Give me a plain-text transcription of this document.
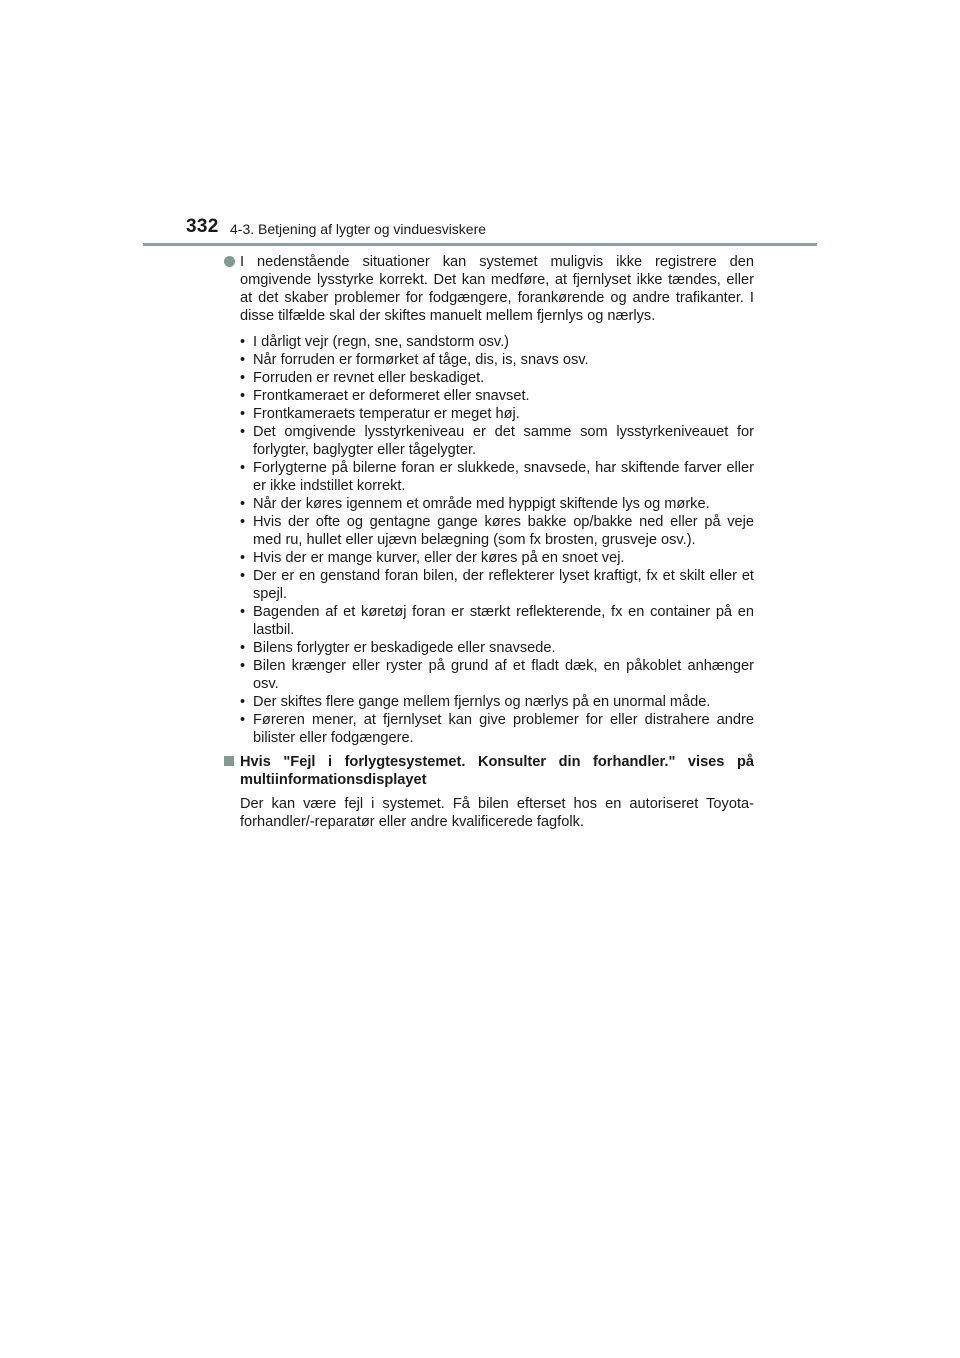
332 4-3. Betjening af lygter og vinduesviskere
I nedenstående situationer kan systemet muligvis ikke registrere den omgivende lysstyrke korrekt. Det kan medføre, at fjernlyset ikke tændes, eller at det skaber problemer for fodgængere, forankørende og andre trafikanter. I disse tilfælde skal der skiftes manuelt mellem fjernlys og nærlys.
• I dårligt vejr (regn, sne, sandstorm osv.)
• Når forruden er formørket af tåge, dis, is, snavs osv.
• Forruden er revnet eller beskadiget.
• Frontkameraet er deformeret eller snavset.
• Frontkameraets temperatur er meget høj.
• Det omgivende lysstyrkeniveau er det samme som lysstyrkeniveauet for forlygter, baglygter eller tågelygter.
• Forlygterne på bilerne foran er slukkede, snavsede, har skiftende farver eller er ikke indstillet korrekt.
• Når der køres igennem et område med hyppigt skiftende lys og mørke.
• Hvis der ofte og gentagne gange køres bakke op/bakke ned eller på veje med ru, hullet eller ujævn belægning (som fx brosten, grusveje osv.).
• Hvis der er mange kurver, eller der køres på en snoet vej.
• Der er en genstand foran bilen, der reflekterer lyset kraftigt, fx et skilt eller et spejl.
• Bagenden af et køretøj foran er stærkt reflekterende, fx en container på en lastbil.
• Bilens forlygter er beskadigede eller snavsede.
• Bilen krænger eller ryster på grund af et fladt dæk, en påkoblet anhænger osv.
• Der skiftes flere gange mellem fjernlys og nærlys på en unormal måde.
• Føreren mener, at fjernlyset kan give problemer for eller distrahere andre bilister eller fodgængere.
Hvis "Fejl i forlygtesystemet. Konsulter din forhandler." vises på multiinformationsdisplayet
Der kan være fejl i systemet. Få bilen efterset hos en autoriseret Toyota-forhandler/-reparatør eller andre kvalificerede fagfolk.
